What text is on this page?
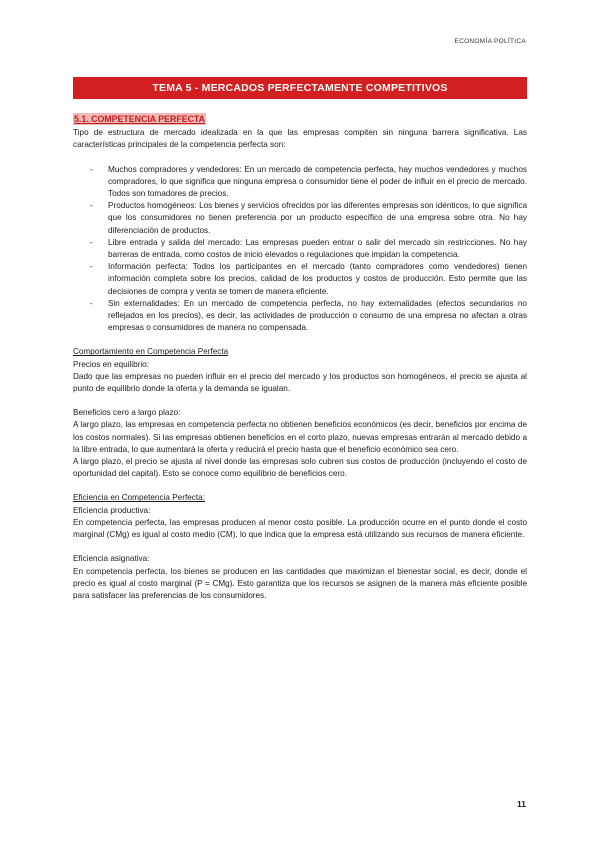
ECONOMÍA POLÍTICA
TEMA 5 - MERCADOS PERFECTAMENTE COMPETITIVOS
5.1. COMPETENCIA PERFECTA

Tipo de estructura de mercado idealizada en la que las empresas compiten sin ninguna barrera significativa. Las características principales de la competencia perfecta son:

- Muchos compradores y vendedores: En un mercado de competencia perfecta, hay muchos vendedores y muchos compradores, lo que significa que ninguna empresa o consumidor tiene el poder de influir en el precio de mercado. Todos son tomadores de precios.
- Productos homogéneos: Los bienes y servicios ofrecidos por las diferentes empresas son idénticos, lo que significa que los consumidores no tienen preferencia por un producto específico de una empresa sobre otra. No hay diferenciación de productos.
- Libre entrada y salida del mercado: Las empresas pueden entrar o salir del mercado sin restricciones. No hay barreras de entrada, como costos de inicio elevados o regulaciones que impidan la competencia.
- Información perfecta: Todos los participantes en el mercado (tanto compradores como vendedores) tienen información completa sobre los precios, calidad de los productos y costos de producción. Esto permite que las decisiones de compra y venta se tomen de manera eficiente.
- Sin externalidades: En un mercado de competencia perfecta, no hay externalidades (efectos secundarios no reflejados en los precios), es decir, las actividades de producción o consumo de una empresa no afectan a otras empresas o consumidores de manera no compensada.

Comportamiento en Competencia Perfecta

Precios en equilibrio:

Dado que las empresas no pueden influir en el precio del mercado y los productos son homogéneos, el precio se ajusta al punto de equilibrio donde la oferta y la demanda se igualan.

Beneficios cero a largo plazo:

A largo plazo, las empresas en competencia perfecta no obtienen beneficios económicos (es decir, beneficios por encima de los costos normales). Si las empresas obtienen beneficios en el corto plazo, nuevas empresas entrarán al mercado debido a la libre entrada, lo que aumentará la oferta y reducirá el precio hasta que el beneficio económico sea cero.

A largo plazo, el precio se ajusta al nivel donde las empresas solo cubren sus costos de producción (incluyendo el costo de oportunidad del capital). Esto se conoce como equilibrio de beneficios cero.

Eficiencia en Competencia Perfecta:

Eficiencia productiva:

En competencia perfecta, las empresas producen al menor costo posible. La producción ocurre en el punto donde el costo marginal (CMg) es igual al costo medio (CM), lo que indica que la empresa está utilizando sus recursos de manera eficiente.

Eficiencia asignativa:

En competencia perfecta, los bienes se producen en las cantidades que maximizan el bienestar social, es decir, donde el precio es igual al costo marginal (P = CMg). Esto garantiza que los recursos se asignen de la manera más eficiente posible para satisfacer las preferencias de los consumidores.

11
